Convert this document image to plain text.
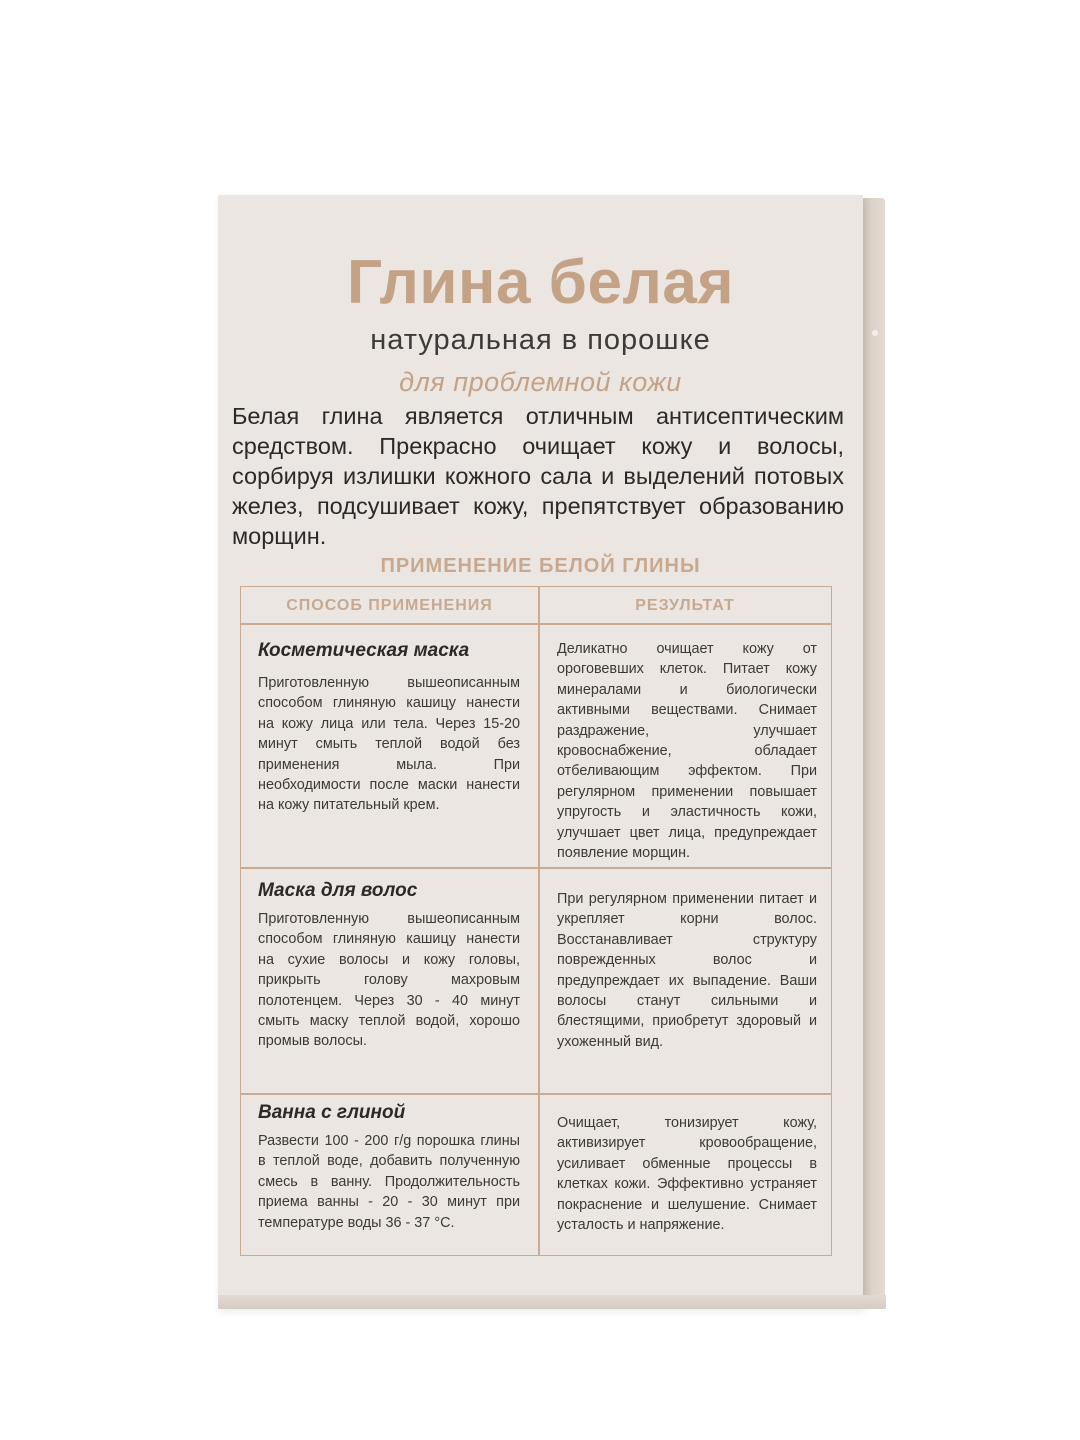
Глина белая
натуральная в порошке
для проблемной кожи

Белая глина является отличным антисептическим средством. Прекрасно очищает кожу и волосы, сорбируя излишки кожного сала и выделений потовых желез, подсушивает кожу, препятствует образованию морщин.

ПРИМЕНЕНИЕ БЕЛОЙ ГЛИНЫ
СПОСОБ ПРИМЕНЕНИЯ	РЕЗУЛЬТАТ
Косметическая маска

Приготовленную вышеописанным способом глиняную кашицу нанести на кожу лица или тела. Через 15-20 минут смыть теплой водой без применения мыла. При необходимости после маски нанести на кожу питательный крем.

Деликатно очищает кожу от ороговевших клеток. Питает кожу минералами и биологически активными веществами. Снимает раздражение, улучшает кровоснабжение, обладает отбеливающим эффектом. При регулярном применении повышает упругость и эластичность кожи, улучшает цвет лица, предупреждает появление морщин.

Маска для волос

Приготовленную вышеописанным способом глиняную кашицу нанести на сухие волосы и кожу головы, прикрыть голову махровым полотенцем. Через 30 - 40 минут смыть маску теплой водой, хорошо промыв волосы.

При регулярном применении питает и укрепляет корни волос. Восстанавливает структуру поврежденных волос и предупреждает их выпадение. Ваши волосы станут сильными и блестящими, приобретут здоровый и ухоженный вид.

Ванна с глиной

Развести 100 - 200 г/g порошка глины в теплой воде, добавить полученную смесь в ванну. Продолжительность приема ванны - 20 - 30 минут при температуре воды 36 - 37 °C.

Очищает, тонизирует кожу, активизирует кровообращение, усиливает обменные процессы в клетках кожи. Эффективно устраняет покраснение и шелушение. Снимает усталость и напряжение.
